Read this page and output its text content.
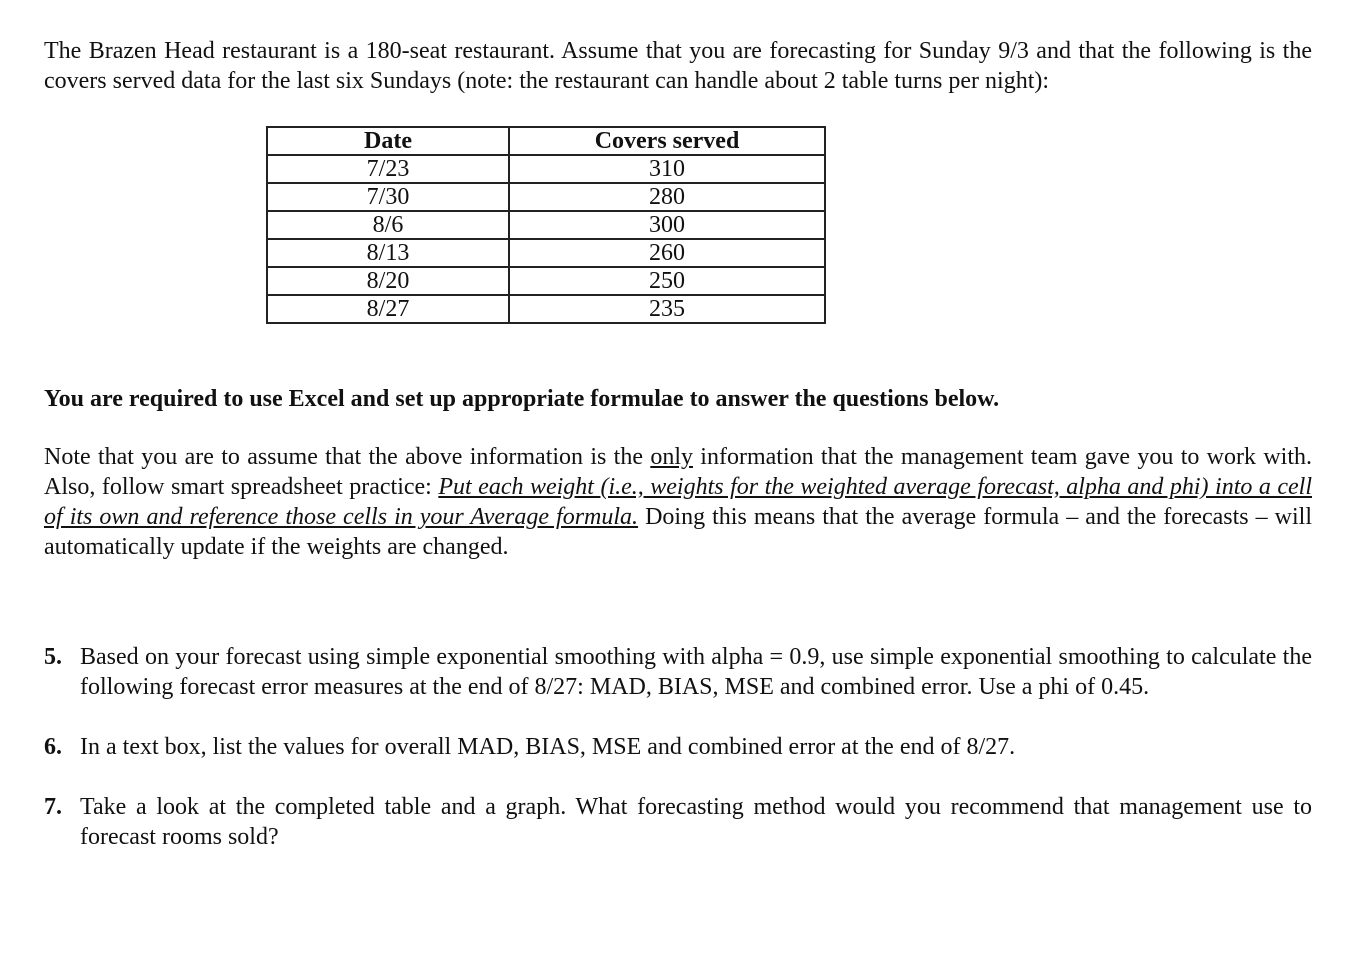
The Brazen Head restaurant is a 180-seat restaurant. Assume that you are forecasting for Sunday 9/3 and that the following is the covers served data for the last six Sundays (note: the restaurant can handle about 2 table turns per night):

Date	Covers served
7/23	310
7/30	280
8/6	300
8/13	260
8/20	250
8/27	235

You are required to use Excel and set up appropriate formulae to answer the questions below.

Note that you are to assume that the above information is the only information that the management team gave you to work with. Also, follow smart spreadsheet practice: Put each weight (i.e., weights for the weighted average forecast, alpha and phi) into a cell of its own and reference those cells in your Average formula. Doing this means that the average formula – and the forecasts – will automatically update if the weights are changed.

5. Based on your forecast using simple exponential smoothing with alpha = 0.9, use simple exponential smoothing to calculate the following forecast error measures at the end of 8/27: MAD, BIAS, MSE and combined error. Use a phi of 0.45.
6. In a text box, list the values for overall MAD, BIAS, MSE and combined error at the end of 8/27.
7. Take a look at the completed table and a graph. What forecasting method would you recommend that management use to forecast rooms sold?
